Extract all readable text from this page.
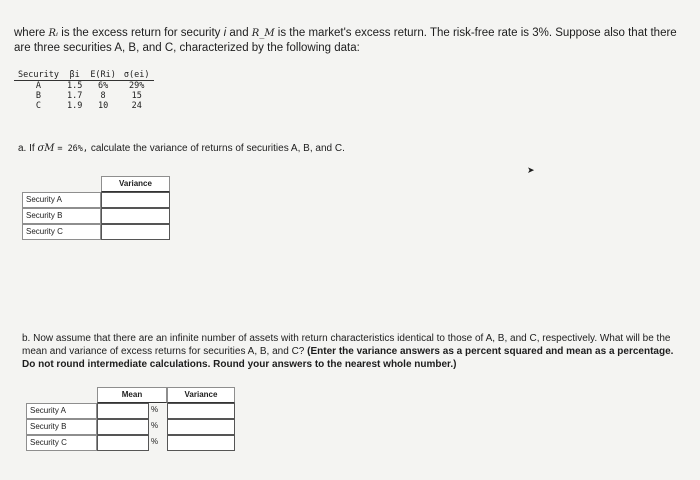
where Rᵢ is the excess return for security i and R_M is the market's excess return. The risk-free rate is 3%. Suppose also that there are three securities A, B, and C, characterized by the following data:
Security	βi	E(Ri)	σ(ei)
A	1.5	6%	29%
B	1.7	8	15
C	1.9	10	24
a. If σM = 26%, calculate the variance of returns of securities A, B, and C.
Variance
Security A
Security B
Security C
➤
b. Now assume that there are an infinite number of assets with return characteristics identical to those of A, B, and C, respectively. What will be the mean and variance of excess returns for securities A, B, and C? (Enter the variance answers as a percent squared and mean as a percentage. Do not round intermediate calculations. Round your answers to the nearest whole number.)
Mean	Variance
Security A	%
Security B	%
Security C	%
